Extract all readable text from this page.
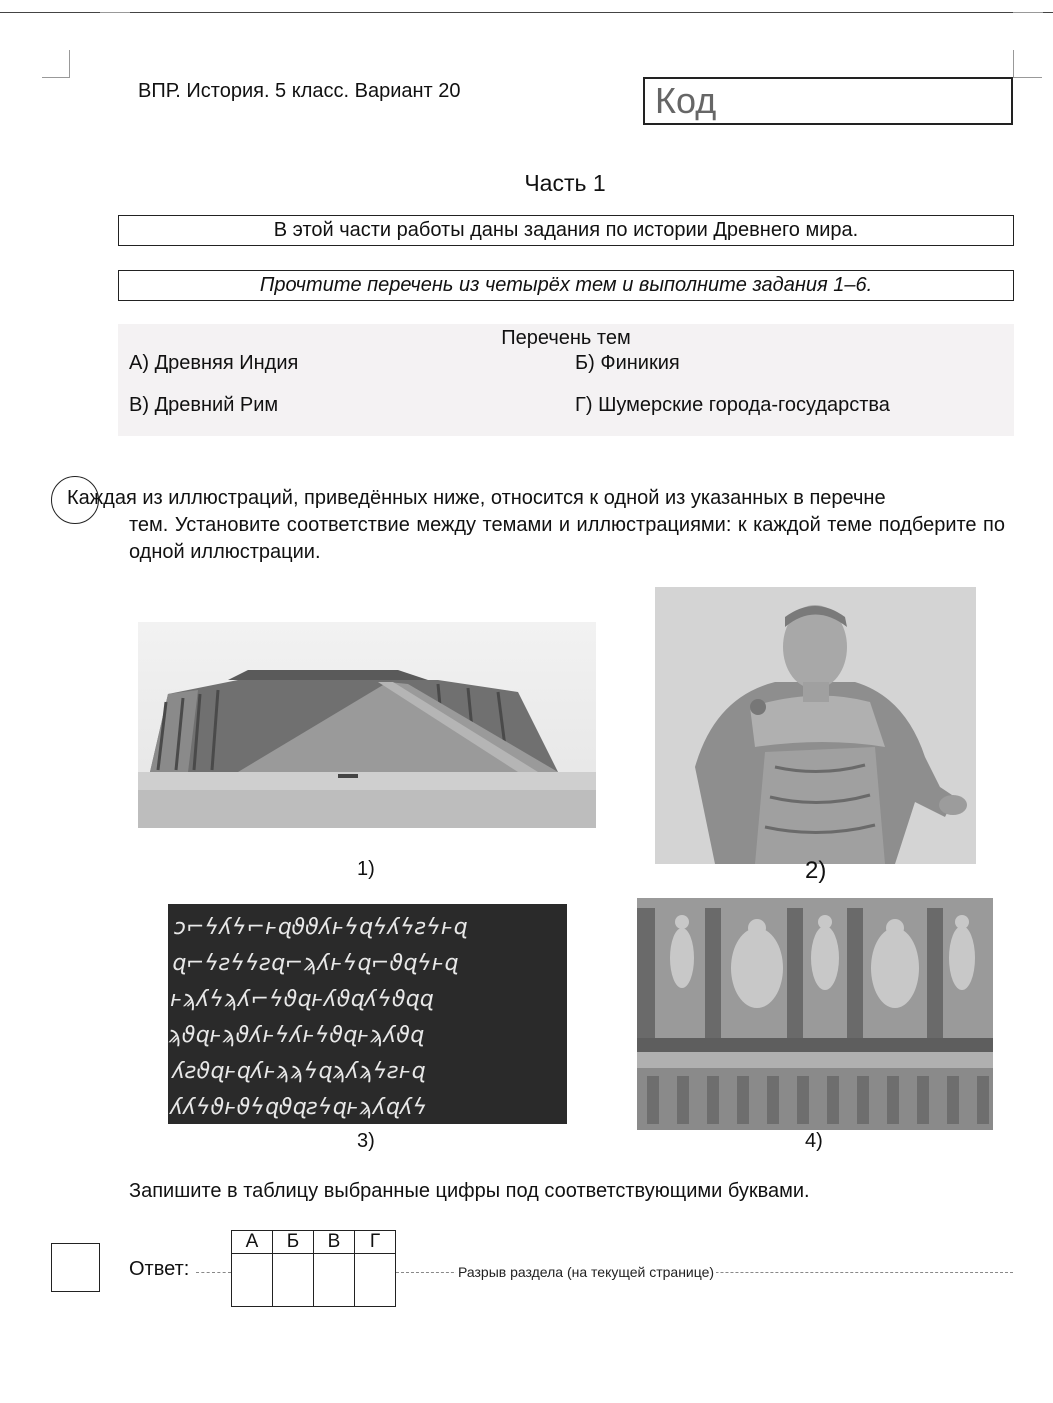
ВПР. История. 5 класс. Вариант 20	Код
Часть 1
В этой части работы даны задания по истории Древнего мира.
Прочтите перечень из четырёх тем и выполните задания 1–6.
Перечень тем
А) Древняя Индия	Б) Финикия
В) Древний Рим	Г) Шумерские города-государства
Каждая из иллюстраций, приведённых ниже, относится к одной из указанных в перечне
тем. Установите соответствие между темами и иллюстрациями: к каждой теме подберите по одной иллюстрации.
1)	2)
ↄ⌐ϟʎϟ⌐ⱶɋϑϑʎⱶϟɋϟʎϟƨϟⱶɋ
ɋ⌐ϟƨϟϟƨɋ⌐ϡʎⱶϟɋ⌐ϑɋϟⱶɋ
ⱶϡʎϟϡʎ⌐ϟϑɋⱶʎϑɋʎϟϑɋɋ
ϡϑɋⱶϡϑʎⱶϟʎⱶϟϑɋⱶϡʎϑɋ
ʎƨϑɋⱶɋʎⱶϡϡϟɋϡʎϡϟƨⱶɋ
ʎʎϟϑⱶϑϟɋϑɋƨϟɋⱶϡʎɋʎϟ
3)	4)
Запишите в таблицу выбранные цифры под соответствующими буквами.
Ответ:	Разрыв раздела (на текущей странице)
А	Б	В	Г
